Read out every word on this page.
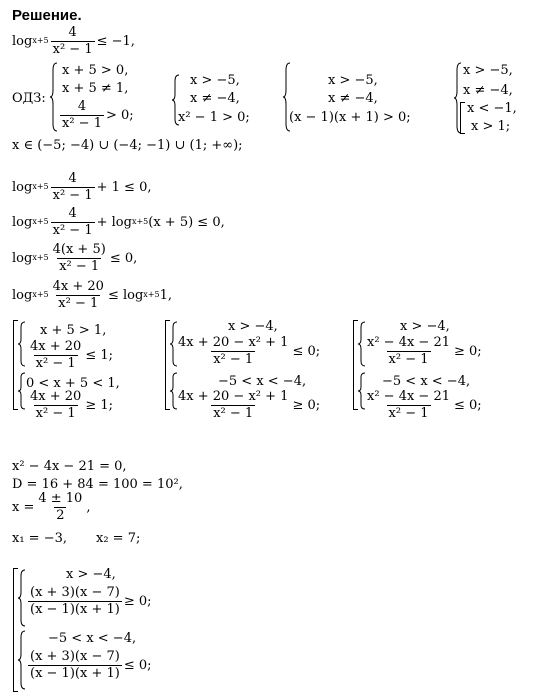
Решение.
$\log x+5 \frac{4}{\text{x² − 1}} \le -1$,
ОДЗ:
x + 5 > 0,
x + 5 ≠ 1,
$\frac{4}{\text{x² − 1}} > 0$;
x > −5,
x ≠ −4,
x² − 1 > 0;
x > −5,
x ≠ −4,
(x − 1)(x + 1) > 0;
x > −5,
x ≠ −4,
x < −1,
x > 1;
x ∈ (−5; −4) ∪ (−4; −1) ∪ (1; +∞);
$\log x+5 \frac{4}{\text{x² − 1}} + 1 \le 0$,
$\log x+5 \frac{4}{\text{x² − 1}} + \log x+5$ (x + 5) ≤ 0,
$\log x+5 \frac{4(x + 5)}{\text{x² − 1}} \le 0$,
$\log x+5 \frac{4x + 20}{\text{x² − 1}} \le \log x+5$ 1,
x + 5 > 1,
$\frac{4x + 20}{\text{x² − 1}} \le 1$;
0 < x + 5 < 1,
$\frac{4x + 20}{\text{x² − 1}} \ge 1$;
x > −4,
$\frac{\text{4x + 20 − x² + 1}}{\text{x² − 1}} \le 0$;
−5 < x < −4,
$\frac{\text{4x + 20 − x² + 1}}{\text{x² − 1}} \ge 0$;
x > −4,
$\frac{\text{x² − 4x − 21}}{\text{x² − 1}} \ge 0$;
−5 < x < −4,
$\frac{\text{x² − 4x − 21}}{\text{x² − 1}} \le 0$;
x² − 4x − 21 = 0,
D = 16 + 84 = 100 = 10²,
$x = \frac{4 \pm 10}{2}$ ,
x₁ = −3, x₂ = 7;
x > −4,
$\frac{(x + 3)(x - 7)}{(x - 1)(x + 1)} \ge 0$;
−5 < x < −4,
$\frac{(x + 3)(x - 7)}{(x - 1)(x + 1)} \le 0$;
